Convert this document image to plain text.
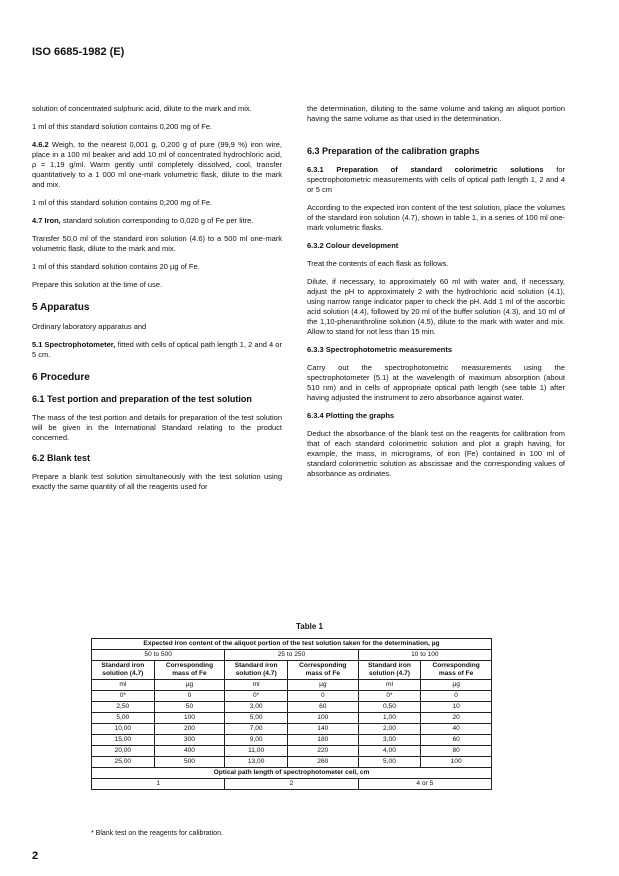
ISO 6685-1982 (E)

solution of concentrated sulphuric acid, dilute to the mark and mix.

1 ml of this standard solution contains 0,200 mg of Fe.

4.6.2 Weigh, to the nearest 0,001 g, 0,200 g of pure (99,9 %) iron wire, place in a 100 ml beaker and add 10 ml of concentrated hydrochloric acid, ρ = 1,19 g/ml. Warm gently until completely dissolved, cool, transfer quantitatively to a 1 000 ml one-mark volumetric flask, dilute to the mark and mix.

1 ml of this standard solution contains 0,200 mg of Fe.

4.7 Iron, standard solution corresponding to 0,020 g of Fe per litre.

Transfer 50,0 ml of the standard iron solution (4.6) to a 500 ml one-mark volumetric flask, dilute to the mark and mix.

1 ml of this standard solution contains 20 µg of Fe.

Prepare this solution at the time of use.

5 Apparatus

Ordinary laboratory apparatus and

5.1 Spectrophotometer, fitted with cells of optical path length 1, 2 and 4 or 5 cm.

6 Procedure
6.1 Test portion and preparation of the test solution

The mass of the test portion and details for preparation of the test solution will be given in the International Standard relating to the product concerned.

6.2 Blank test

Prepare a blank test solution simultaneously with the test solution using exactly the same quantity of all the reagents used for

the determination, diluting to the same volume and taking an aliquot portion having the same volume as that used in the determination.

6.3 Preparation of the calibration graphs

6.3.1 Preparation of standard colorimetric solutions for spectrophotometric measurements with cells of optical path length 1, 2 and 4 or 5 cm

According to the expected iron content of the test solution, place the volumes of the standard iron solution (4.7), shown in table 1, in a series of 100 ml one-mark volumetric flasks.

6.3.2 Colour development

Treat the contents of each flask as follows.

Dilute, if necessary, to approximately 60 ml with water and, if necessary, adjust the pH to approximately 2 with the hydrochloric acid solution (4.1), using narrow range indicator paper to check the pH. Add 1 ml of the ascorbic acid solution (4.4), followed by 20 ml of the buffer solution (4.3), and 10 ml of the 1,10-phenanthroline solution (4.5), dilute to the mark with water and mix. Allow to stand for not less than 15 min.

6.3.3 Spectrophotometric measurements

Carry out the spectrophotometric measurements using the spectrophotometer (5.1) at the wavelength of maximum absorption (about 510 nm) and in cells of appropriate optical path length (see table 1) after having adjusted the instrument to zero absorbance against water.

6.3.4 Plotting the graphs

Deduct the absorbance of the blank test on the reagents for calibration from that of each standard colorimetric solution and plot a graph having, for example, the mass, in micrograms, of iron (Fe) contained in 100 ml of standard colorimetric solution as abscissae and the corresponding values of absorbance as ordinates.

Table 1
Expected iron content of the aliquot portion of the test solution taken for the determination, µg					
50 to 500		25 to 250		10 to 100	
Standard iron solution (4.7)	Corresponding mass of Fe	Standard iron solution (4.7)	Corresponding mass of Fe	Standard iron solution (4.7)	Corresponding mass of Fe
ml	µg	ml	µg	ml	µg
0*	0	0*	0	0*	0
2,50	50	3,00	60	0,50	10
5,00	100	5,00	100	1,00	20
10,00	200	7,00	140	2,00	40
15,00	300	9,00	180	3,00	60
20,00	400	11,00	220	4,00	80
25,00	500	13,00	260	5,00	100
Optical path length of spectrophotometer cell, cm					
1		2		4 or 5	
* Blank test on the reagents for calibration.
2
